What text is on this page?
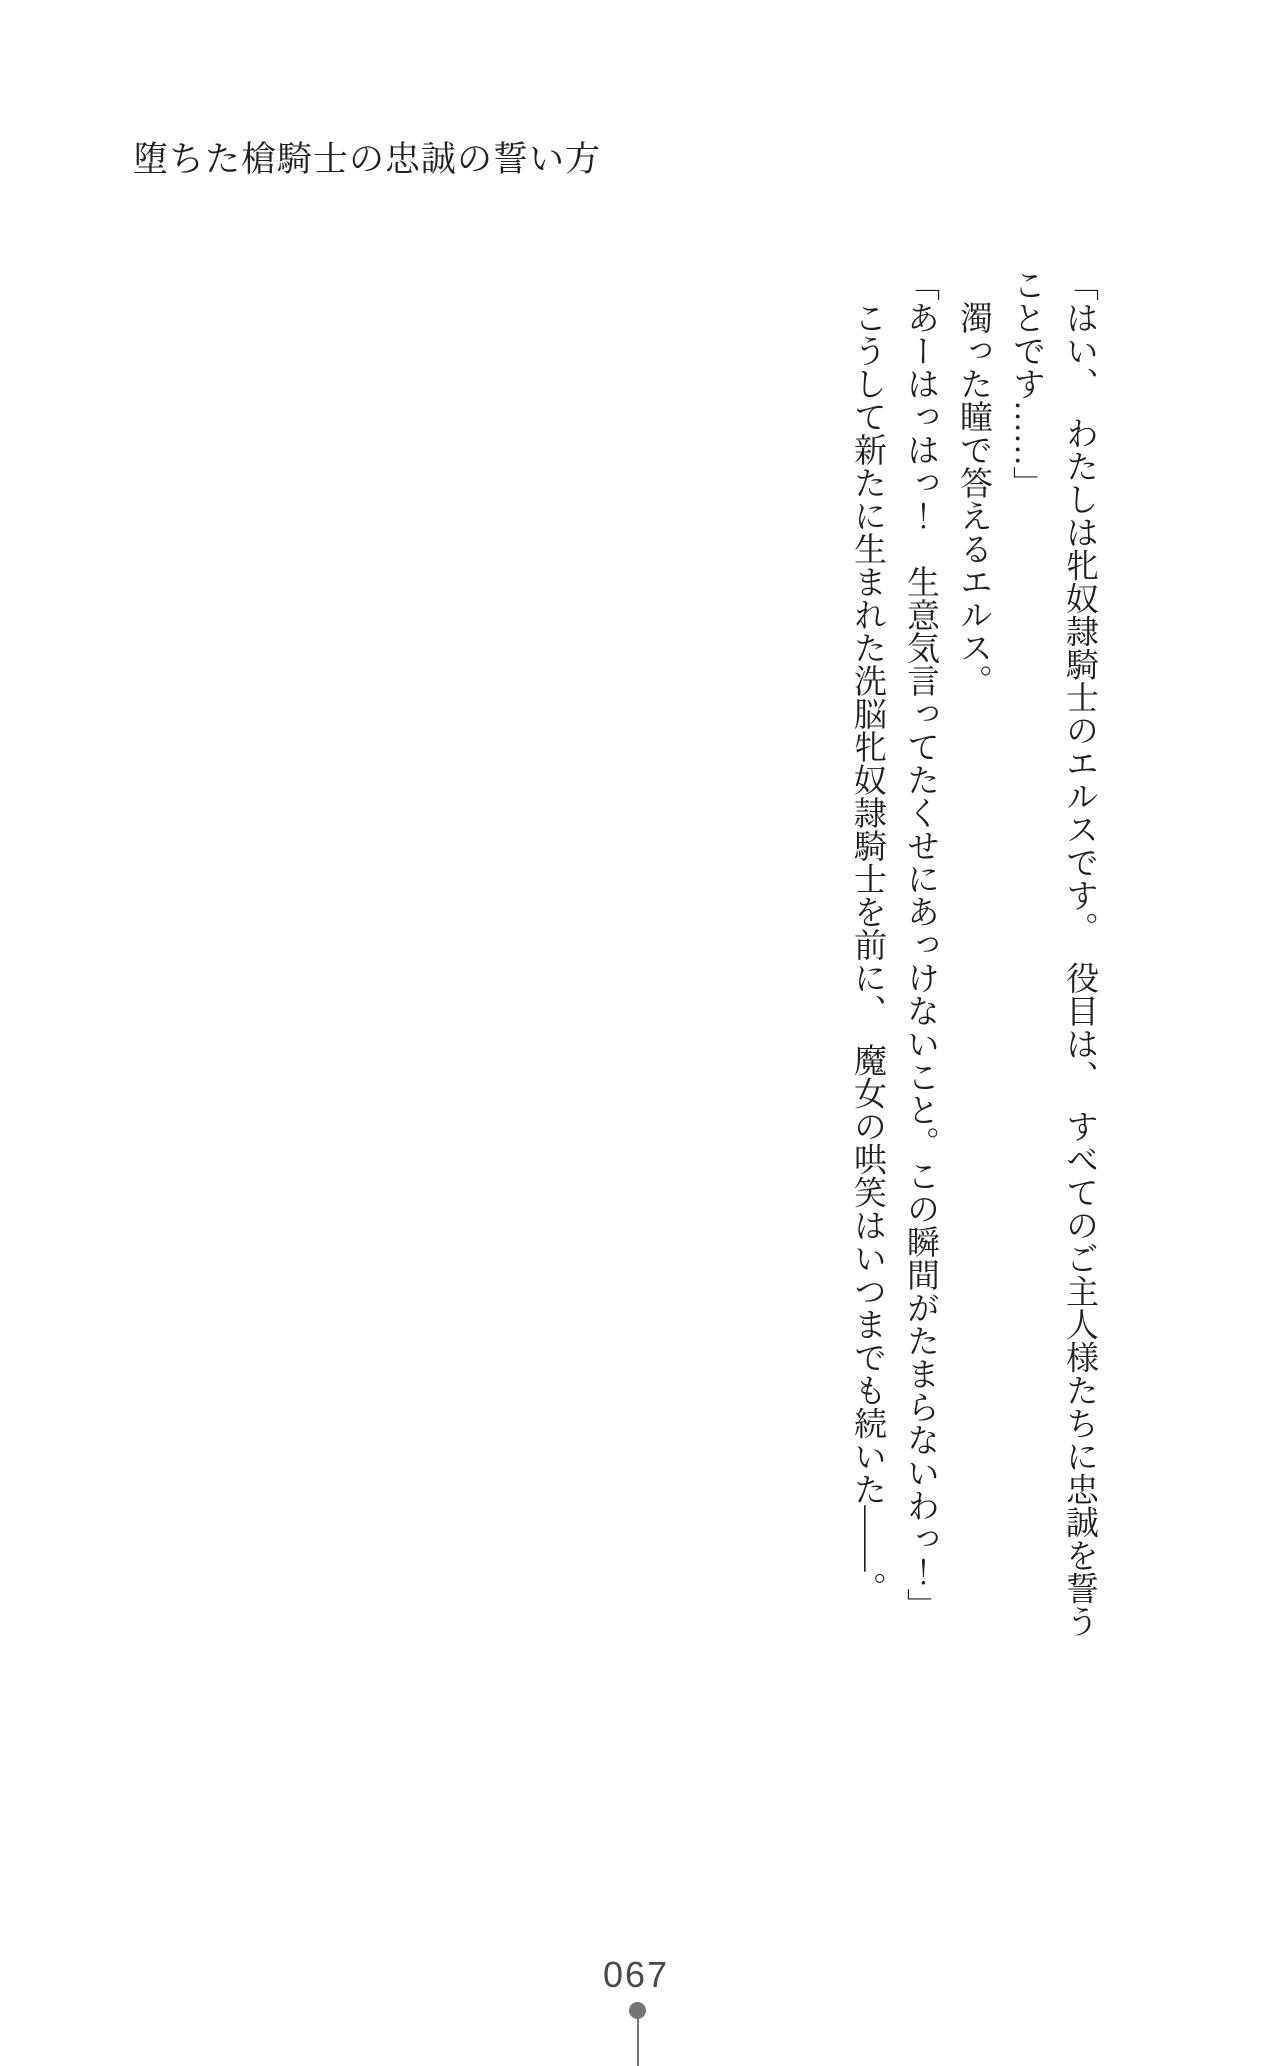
堕ちた槍騎士の忠誠の誓い方
「はい、　わたしは牝奴隷騎士のエルスです。　役目は、　すべてのご主人様たちに忠誠を誓う
ことです……」
　濁った瞳で答えるエルス。
「あーはっはっ！　生意気言ってたくせにあっけないこと。この瞬間がたまらないわっ！」
　こうして新たに生まれた洗脳牝奴隷騎士を前に、　魔女の哄笑はいつまでも続いた――。
067
